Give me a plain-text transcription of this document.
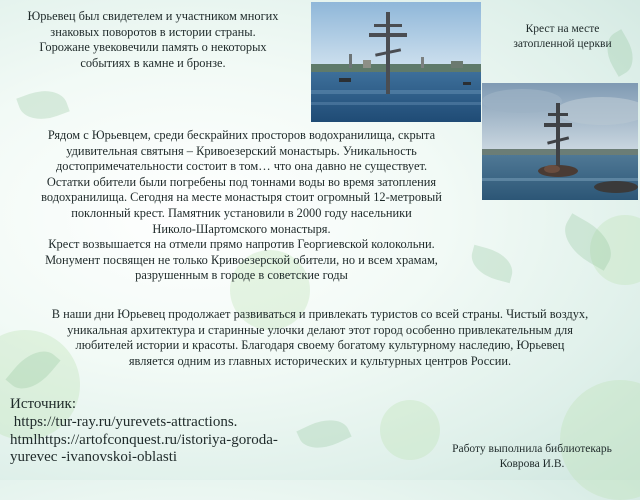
Юрьевец был свидетелем и участником многих
знаковых поворотов в истории страны.
Горожане увековечили память о некоторых
событиях в камне и бронзе.
Крест на месте
затопленной церкви
Рядом с Юрьевцем, среди бескрайних просторов водохранилища, скрыта
удивительная святыня – Кривоезерский монастырь. Уникальность
достопримечательности состоит в том… что она давно не существует.
Остатки обители были погребены под тоннами воды во время затопления
водохранилища. Сегодня на месте монастыря стоит огромный 12-метровый
поклонный крест. Памятник установили в 2000 году насельники
Николо-Шартомского монастыря.
Крест возвышается на отмели прямо напротив Георгиевской колокольни.
Монумент посвящен не только Кривоезерской обители, но и всем храмам,
разрушенным в городе в советские годы
В наши дни Юрьевец продолжает развиваться и привлекать туристов со всей страны. Чистый воздух,
уникальная архитектура и старинные улочки делают этот город особенно привлекательным для
любителей истории и красоты. Благодаря своему богатому культурному наследию, Юрьевец
является одним из главных исторических и культурных центров России.
Источник:
https://tur-ray.ru/yurevets-attractions.
htmlhttps://artofconquest.ru/istoriya-goroda-
yurevec -ivanovskoi-oblasti
Работу выполнила библиотекарь
Коврова И.В.
